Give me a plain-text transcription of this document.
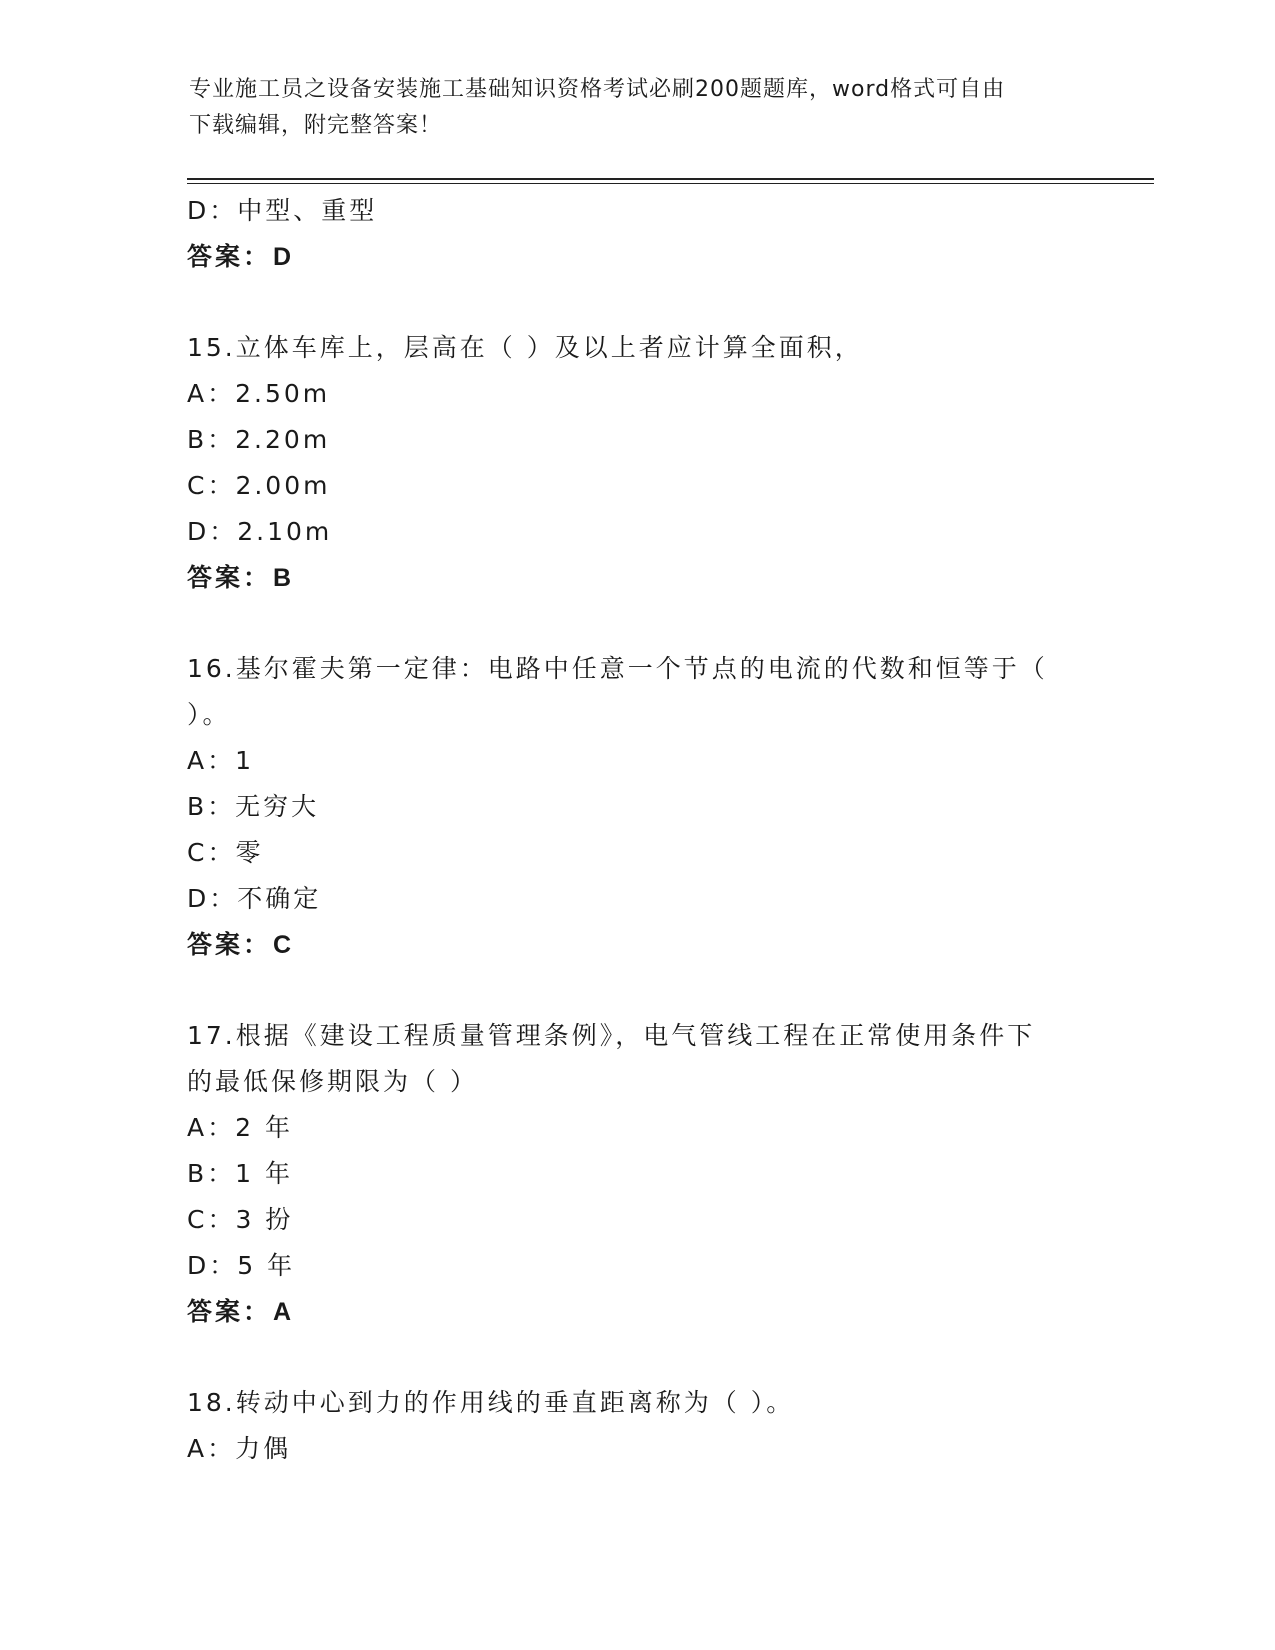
专业施工员之设备安装施工基础知识资格考试必刷200题题库，word格式可自由
下载编辑，附完整答案！
D：中型、重型
答案：D
15.立体车库上，层高在（ ）及以上者应计算全面积，
A：2.50m
B：2.20m
C：2.00m
D：2.10m
答案：B
16.基尔霍夫第一定律：电路中任意一个节点的电流的代数和恒等于（
）。
A：1
B：无穷大
C：零
D：不确定
答案：C
17.根据《建设工程质量管理条例》，电气管线工程在正常使用条件下
的最低保修期限为（ ）
A：2 年
B：1 年
C：3 扮
D：5 年
答案：A
18.转动中心到力的作用线的垂直距离称为（ ）。
A：力偶
